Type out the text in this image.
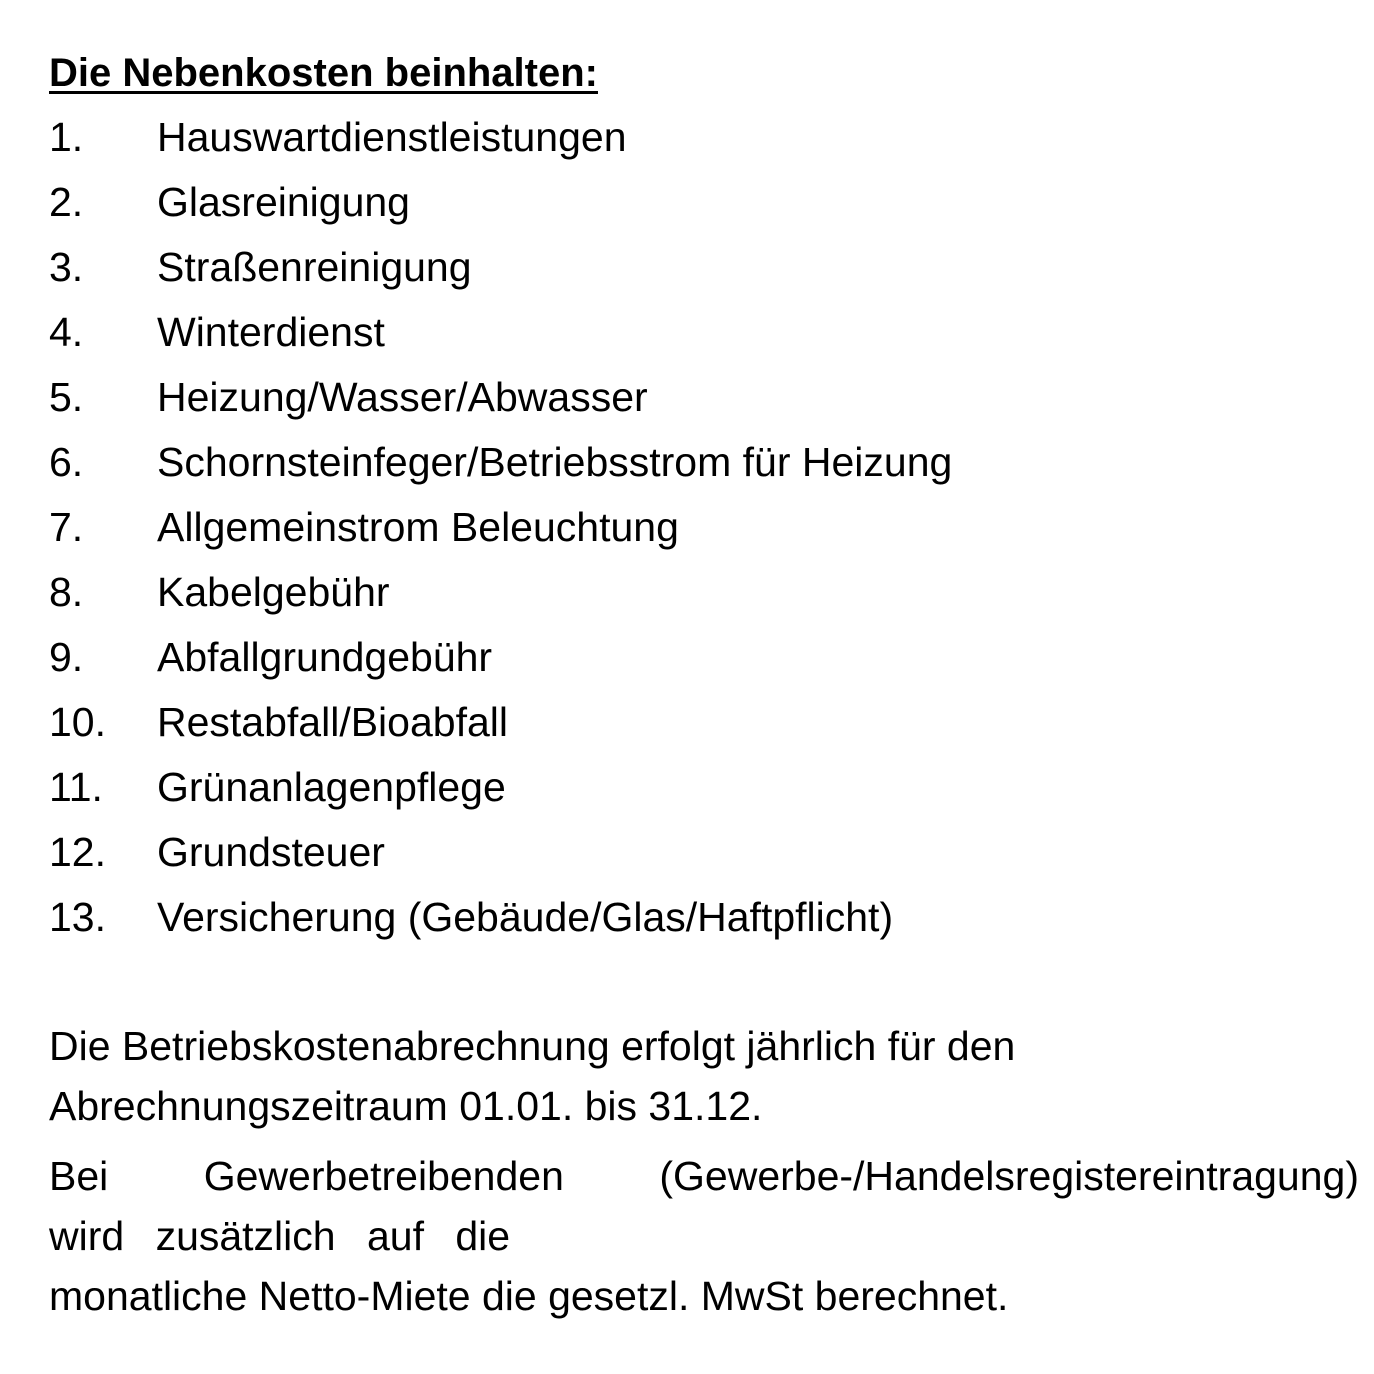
Die Nebenkosten beinhalten:
1.	Hauswartdienstleistungen
2.	Glasreinigung
3.	Straßenreinigung
4.	Winterdienst
5.	Heizung/Wasser/Abwasser
6.	Schornsteinfeger/Betriebsstrom für Heizung
7.	Allgemeinstrom Beleuchtung
8.	Kabelgebühr
9.	Abfallgrundgebühr
10.	Restabfall/Bioabfall
11.	Grünanlagenpflege
12.	Grundsteuer
13.	Versicherung (Gebäude/Glas/Haftpflicht)
Die Betriebskostenabrechnung erfolgt jährlich für den
Abrechnungszeitraum 01.01. bis 31.12.
Bei Gewerbetreibenden (Gewerbe-/Handelsregistereintragung)
wird zusätzlich auf die
monatliche Netto-Miete die gesetzl. MwSt berechnet.
